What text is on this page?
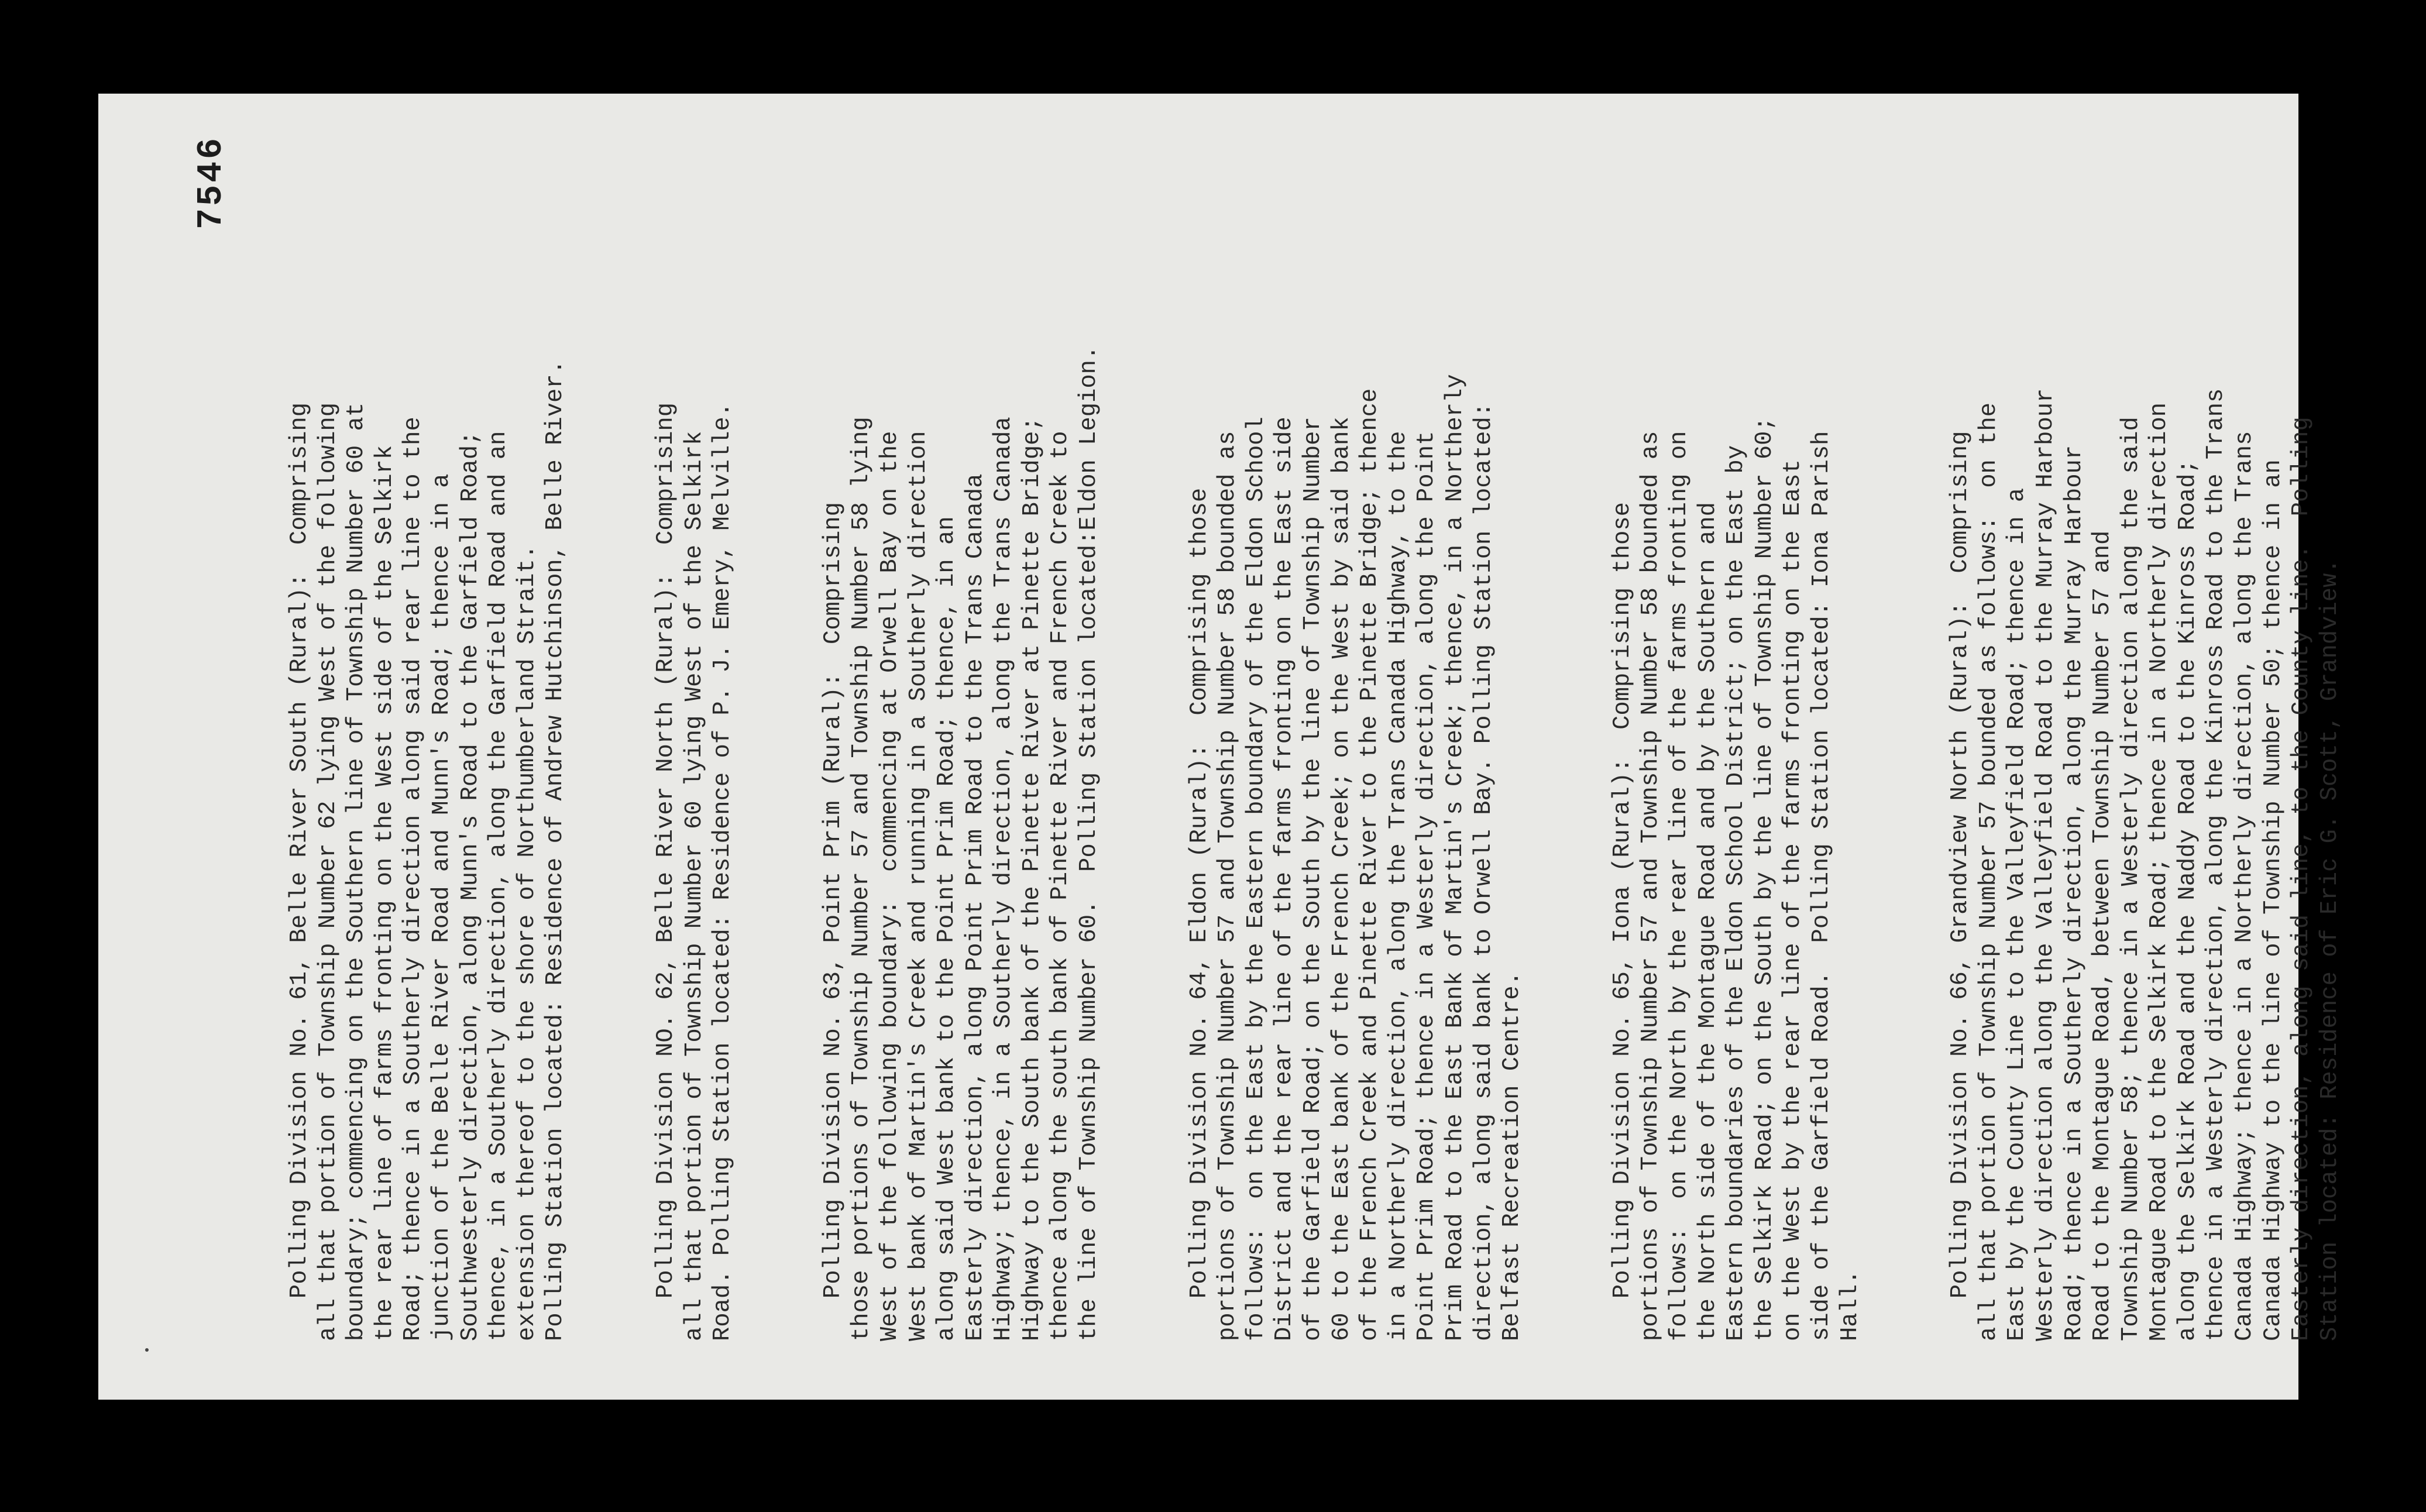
7546

Polling Division No. 61, Belle River South (Rural):  Comprising all that portion of Township Number 62 lying West of the following boundary; commencing on the Southern line of Township Number 60 at the rear line of farms fronting on the West side of the Selkirk Road; thence in a Southerly direction along said rear line to the junction of the Belle River Road and Munn's Road; thence in a Southwesterly direction, along Munn's Road to the Garfield Road; thence, in a Southerly direction, along the Garfield Road and an extension thereof to the shore of Northumberland Strait. Polling Station located: Residence of Andrew Hutchinson, Belle River.	Polling Division NO. 62, Belle River North (Rural):  Comprising all that portion of Township Number 60 lying West of the Selkirk Road. Polling Station located: Residence of P. J. Emery, Melville.	Polling Division No. 63, Point Prim (Rural):  Comprising those portions of Township Number 57 and Township Number 58 lying West of the following boundary:  commencing at Orwell Bay on the West bank of Martin's Creek and running in a Southerly direction along said West bank to the Point Prim Road; thence, in an Easterly direction, along Point Prim Road to the Trans Canada Highway; thence, in a Southerly direction, along the Trans Canada Highway to the South bank of the Pinette River at Pinette Bridge; thence along the south bank of Pinette River and French Creek to the line of Township Number 60.  Polling Station located:Eldon Legion.	Polling Division No. 64, Eldon (Rural):  Comprising those portions of Township Number 57 and Township Number 58 bounded as follows:  on the East by the Eastern boundary of the Eldon School District and the rear line of the farms fronting on the East side of the Garfield Road; on the South by the line of Township Number 60 to the East bank of the French Creek; on the West by said bank of the French Creek and Pinette River to the Pinette Bridge; thence in a Northerly direction, along the Trans Canada Highway, to the Point Prim Road; thence in a Westerly direction, along the Point Prim Road to the East Bank of Martin's Creek; thence, in a Northerly direction, along said bank to Orwell Bay. Polling Station located: Belfast Recreation Centre.	Polling Division No. 65, Iona (Rural):  Comprising those portions of Township Number 57 and Township Number 58 bounded as follows:  on the North by the rear line of the farms fronting on the North side of the Montague Road and by the Southern and Eastern boundaries of the Eldon School District; on the East by the Selkirk Road; on the South by the line of Township Number 60; on the West by the rear line of the farms fronting on the East side of the Garfield Road.  Polling Station located: Iona Parish Hall.	Polling Division No. 66, Grandview North (Rural):  Comprising all that portion of Township Number 57 bounded as follows:  on the East by the County Line to the Valleyfield Road; thence in a Westerly direction along the Valleyfield Road to the Murray Harbour Road; thence in a Southerly direction, along the Murray Harbour Road to the Montague Road, between Township Number 57 and Township Number 58; thence in a Westerly direction along the said Montague Road to the Selkirk Road; thence in a Northerly direction along the Selkirk Road and the Naddy Road to the Kinross Road; thence in a Westerly direction, along the Kinross Road to the Trans Canada Highway; thence in a Northerly direction, along the Trans Canada Highway to the line of Township Number 50; thence in an Easterly direction, along said line, to the County line.  Polling Station located: Residence of Eric G. Scott, Grandview.
